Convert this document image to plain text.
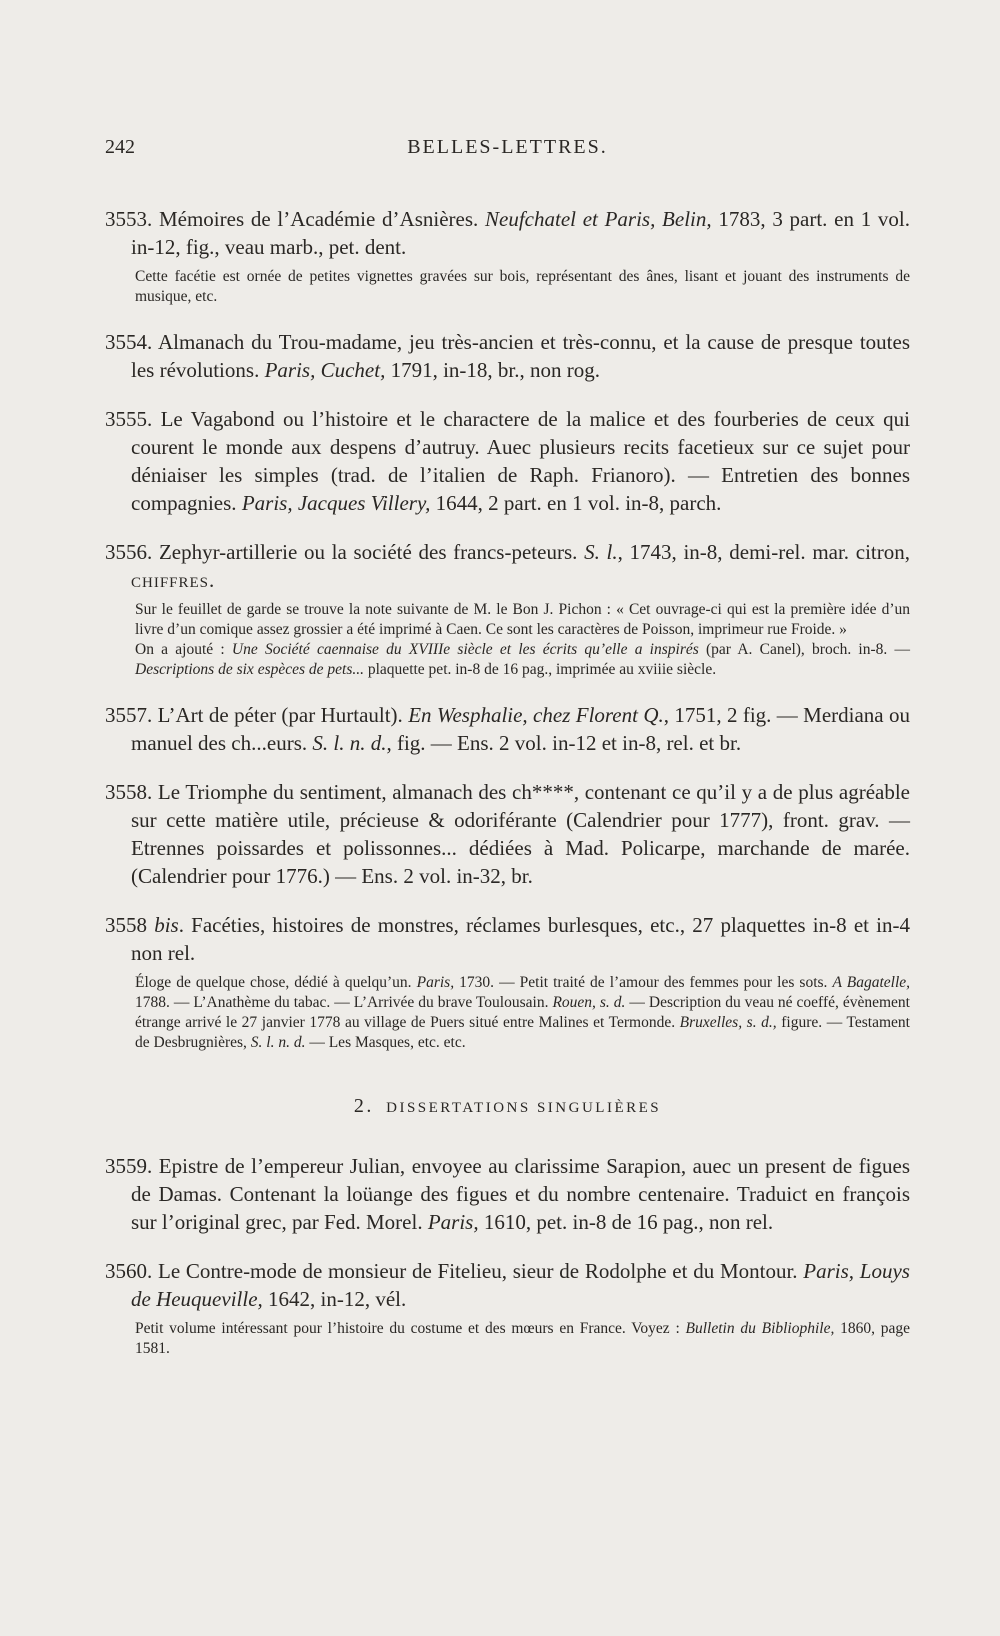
242	BELLES-LETTRES.

3553. Mémoires de l’Académie d’Asnières. Neufchatel et Paris, Belin, 1783, 3 part. en 1 vol. in-12, fig., veau marb., pet. dent.

Cette facétie est ornée de petites vignettes gravées sur bois, représentant des ânes, lisant et jouant des instruments de musique, etc.

3554. Almanach du Trou-madame, jeu très-ancien et très-connu, et la cause de presque toutes les révolutions. Paris, Cuchet, 1791, in-18, br., non rog.

3555. Le Vagabond ou l’histoire et le charactere de la malice et des fourberies de ceux qui courent le monde aux despens d’autruy. Auec plusieurs recits facetieux sur ce sujet pour déniaiser les simples (trad. de l’italien de Raph. Frianoro). — Entretien des bonnes compagnies. Paris, Jacques Villery, 1644, 2 part. en 1 vol. in-8, parch.

3556. Zephyr-artillerie ou la société des francs-peteurs. S. l., 1743, in-8, demi-rel. mar. citron, chiffres.

Sur le feuillet de garde se trouve la note suivante de M. le Bon J. Pichon : « Cet ouvrage-ci qui est la première idée d’un livre d’un comique assez grossier a été imprimé à Caen. Ce sont les caractères de Poisson, imprimeur rue Froide. »

On a ajouté : Une Société caennaise du XVIIIe siècle et les écrits qu’elle a inspirés (par A. Canel), broch. in-8. — Descriptions de six espèces de pets... plaquette pet. in-8 de 16 pag., imprimée au xviiie siècle.

3557. L’Art de péter (par Hurtault). En Wesphalie, chez Florent Q., 1751, 2 fig. — Merdiana ou manuel des ch...eurs. S. l. n. d., fig. — Ens. 2 vol. in-12 et in-8, rel. et br.

3558. Le Triomphe du sentiment, almanach des ch****, contenant ce qu’il y a de plus agréable sur cette matière utile, précieuse & odoriférante (Calendrier pour 1777), front. grav. — Etrennes poissardes et polissonnes... dédiées à Mad. Policarpe, marchande de marée. (Calendrier pour 1776.) — Ens. 2 vol. in-32, br.

3558 bis. Facéties, histoires de monstres, réclames burlesques, etc., 27 plaquettes in-8 et in-4 non rel.

Éloge de quelque chose, dédié à quelqu’un. Paris, 1730. — Petit traité de l’amour des femmes pour les sots. A Bagatelle, 1788. — L’Anathème du tabac. — L’Arrivée du brave Toulousain. Rouen, s. d. — Description du veau né coeffé, évènement étrange arrivé le 27 janvier 1778 au village de Puers situé entre Malines et Termonde. Bruxelles, s. d., figure. — Testament de Desbrugnières, S. l. n. d. — Les Masques, etc. etc.

2. DISSERTATIONS SINGULIÈRES

3559. Epistre de l’empereur Julian, envoyee au clarissime Sarapion, auec un present de figues de Damas. Contenant la loüange des figues et du nombre centenaire. Traduict en françois sur l’original grec, par Fed. Morel. Paris, 1610, pet. in-8 de 16 pag., non rel.

3560. Le Contre-mode de monsieur de Fitelieu, sieur de Rodolphe et du Montour. Paris, Louys de Heuqueville, 1642, in-12, vél.

Petit volume intéressant pour l’histoire du costume et des mœurs en France. Voyez : Bulletin du Bibliophile, 1860, page 1581.
